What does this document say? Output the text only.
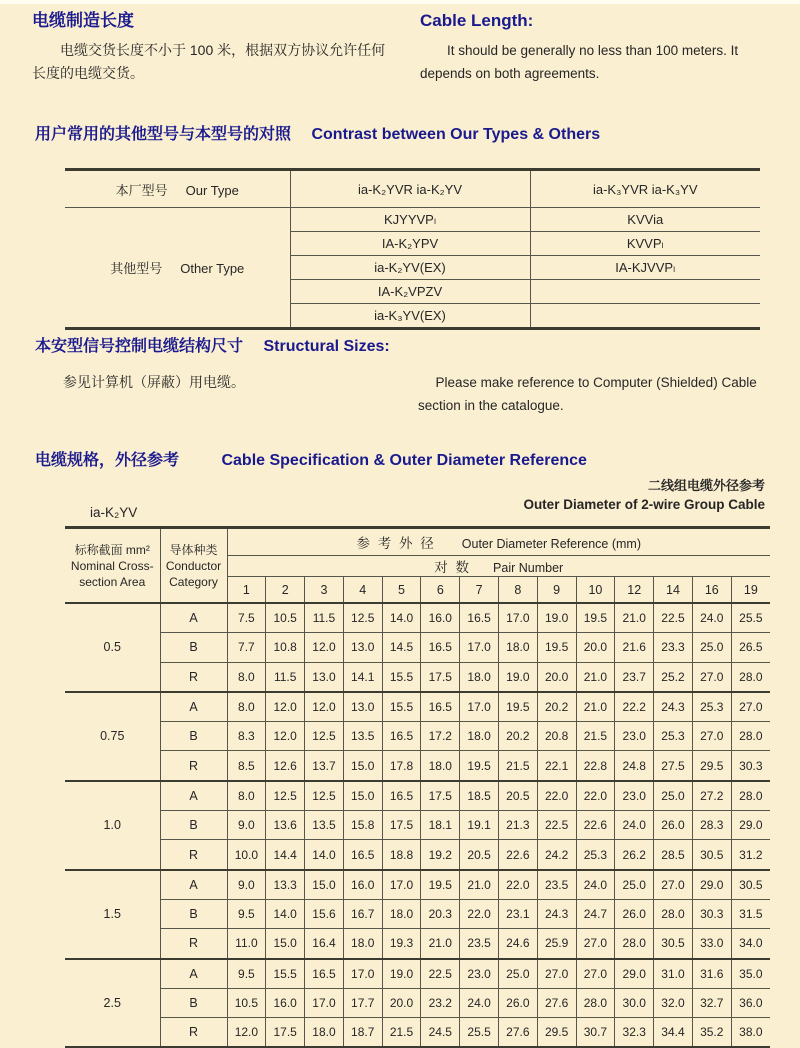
电缆制造长度

电缆交货长度不小于 100 米，根据双方协议允许任何长度的电缆交货。

Cable Length:

It should be generally no less than 100 meters. It depends on both agreements.

用户常用的其他型号与本型号的对照 Contrast between Our Types & Others
本厂型号 Our Type	ia-K₂YVR ia-K₂YV	ia-K₃YVR ia-K₃YV
其他型号 Other Type	KJYYVPₗ	KVVia
	IA-K₂YPV	KVVPₗ
	ia-K₂YV(EX)	IA-KJVVPₗ
	IA-K₂VPZV	
	ia-K₃YV(EX)	
本安型信号控制电缆结构尺寸 Structural Sizes:

参见计算机（屏蔽）用电缆。	Please make reference to Computer (Shielded) Cable section in the catalogue.

电缆规格，外径参考	Cable Specification & Outer Diameter Reference
ia-K₂YV
二线组电缆外径参考
Outer Diameter of 2-wire Group Cable
标称截面 mm²
Nominal Cross-
section Area

导体种类
Conductor
Category
	参 考 外 径 Outer Diameter Reference (mm)
		对 数 Pair Number													
		1	2	3	4	5	6	7	8	9	10	12	14	16	19
0.5	A	7.5	10.5	11.5	12.5	14.0	16.0	16.5	17.0	19.0	19.5	21.0	22.5	24.0	25.5
	B	7.7	10.8	12.0	13.0	14.5	16.5	17.0	18.0	19.5	20.0	21.6	23.3	25.0	26.5
	R	8.0	11.5	13.0	14.1	15.5	17.5	18.0	19.0	20.0	21.0	23.7	25.2	27.0	28.0
0.75	A	8.0	12.0	12.0	13.0	15.5	16.5	17.0	19.5	20.2	21.0	22.2	24.3	25.3	27.0
	B	8.3	12.0	12.5	13.5	16.5	17.2	18.0	20.2	20.8	21.5	23.0	25.3	27.0	28.0
	R	8.5	12.6	13.7	15.0	17.8	18.0	19.5	21.5	22.1	22.8	24.8	27.5	29.5	30.3
1.0	A	8.0	12.5	12.5	15.0	16.5	17.5	18.5	20.5	22.0	22.0	23.0	25.0	27.2	28.0
	B	9.0	13.6	13.5	15.8	17.5	18.1	19.1	21.3	22.5	22.6	24.0	26.0	28.3	29.0
	R	10.0	14.4	14.0	16.5	18.8	19.2	20.5	22.6	24.2	25.3	26.2	28.5	30.5	31.2
1.5	A	9.0	13.3	15.0	16.0	17.0	19.5	21.0	22.0	23.5	24.0	25.0	27.0	29.0	30.5
	B	9.5	14.0	15.6	16.7	18.0	20.3	22.0	23.1	24.3	24.7	26.0	28.0	30.3	31.5
	R	11.0	15.0	16.4	18.0	19.3	21.0	23.5	24.6	25.9	27.0	28.0	30.5	33.0	34.0
2.5	A	9.5	15.5	16.5	17.0	19.0	22.5	23.0	25.0	27.0	27.0	29.0	31.0	31.6	35.0
	B	10.5	16.0	17.0	17.7	20.0	23.2	24.0	26.0	27.6	28.0	30.0	32.0	32.7	36.0
	R	12.0	17.5	18.0	18.7	21.5	24.5	25.5	27.6	29.5	30.7	32.3	34.4	35.2	38.0
